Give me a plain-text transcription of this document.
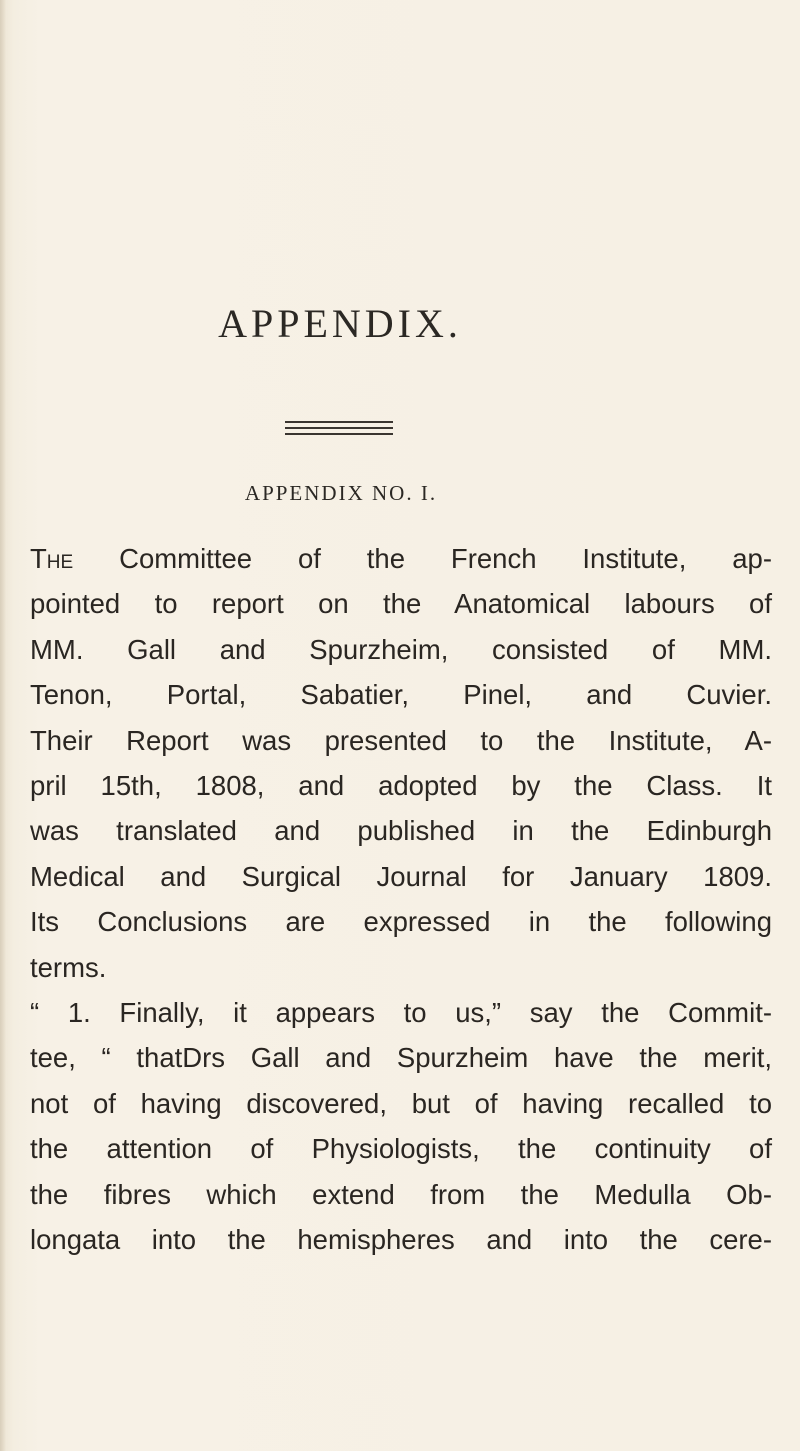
APPENDIX.
APPENDIX NO. I.
The Committee of the French Institute, ap-
pointed to report on the Anatomical labours of
MM. Gall and Spurzheim, consisted of MM.
Tenon, Portal, Sabatier, Pinel, and Cuvier.
Their Report was presented to the Institute, A-
pril 15th, 1808, and adopted by the Class. It
was translated and published in the Edinburgh
Medical and Surgical Journal for January 1809.
Its Conclusions are expressed in the following
terms.
“ 1. Finally, it appears to us,” say the Commit-
tee, “ thatDrs Gall and Spurzheim have the merit,
not of having discovered, but of having recalled to
the attention of Physiologists, the continuity of
the fibres which extend from the Medulla Ob-
longata into the hemispheres and into the cere-
